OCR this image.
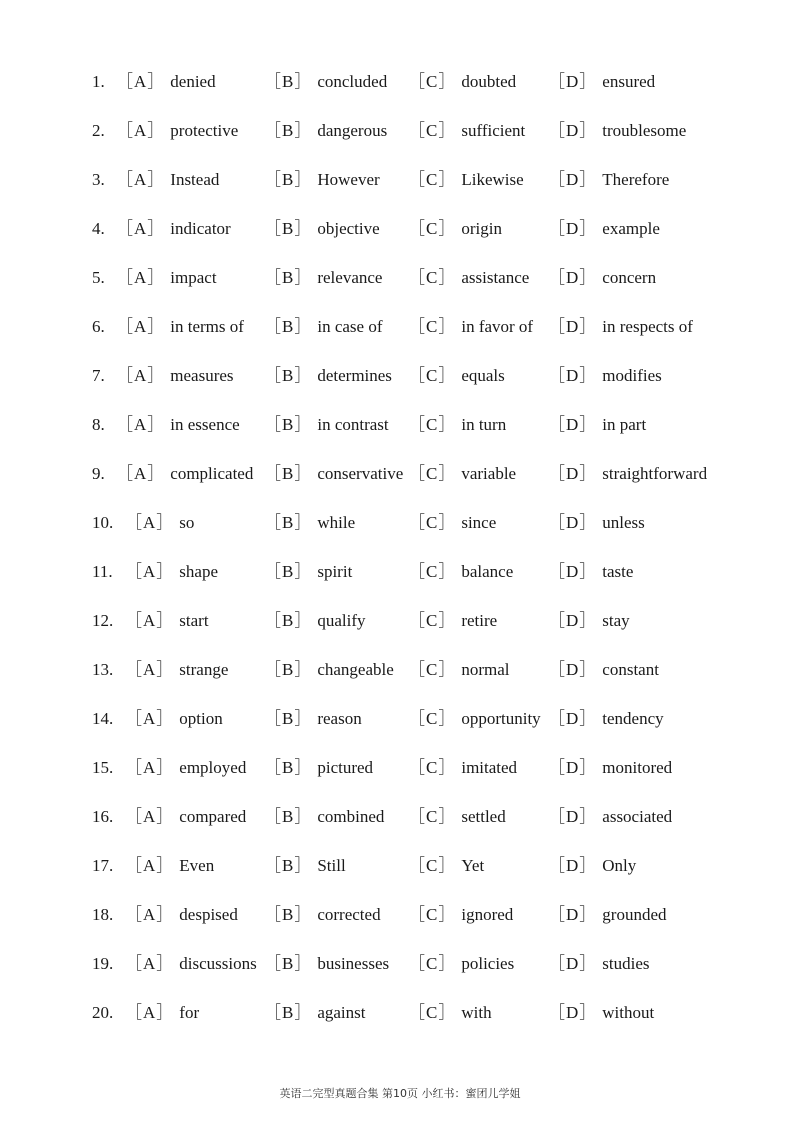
1. ［A］ denied	［B］ concluded ［C］ doubted ［D］ ensured
2. ［A］ protective ［B］ dangerous ［C］ sufficient ［D］ troublesome
3. ［A］ Instead	［B］ However ［C］ Likewise ［D］ Therefore
4. ［A］ indicator ［B］ objective ［C］ origin	［D］ example
5. ［A］ impact	［B］ relevance ［C］ assistance ［D］ concern
6. ［A］ in terms of ［B］ in case of ［C］ in favor of ［D］ in respects of
7. ［A］ measures ［B］ determines ［C］ equals	［D］ modifies
8. ［A］ in essence ［B］ in contrast ［C］ in turn ［D］ in part
9. ［A］ complicated ［B］ conservative ［C］ variable ［D］ straightforward
10. ［A］ so	［B］ while	［C］ since	［D］ unless
11. ［A］ shape	［B］ spirit	［C］ balance ［D］ taste
12. ［A］ start	［B］ qualify	［C］ retire	［D］ stay
13. ［A］ strange ［B］ changeable ［C］ normal ［D］ constant
14. ［A］ option ［B］ reason	［C］ opportunity ［D］ tendency
15. ［A］ employed ［B］ pictured ［C］ imitated ［D］ monitored
16. ［A］ compared ［B］ combined ［C］ settled ［D］ associated
17. ［A］ Even	［B］ Still	［C］ Yet	［D］ Only
18. ［A］ despised ［B］ corrected ［C］ ignored ［D］ grounded
19. ［A］ discussions ［B］ businesses ［C］ policies ［D］ studies
20. ［A］ for	［B］ against	［C］ with	［D］ without
英语二完型真题合集 第10页 小红书：蜜团儿学姐
